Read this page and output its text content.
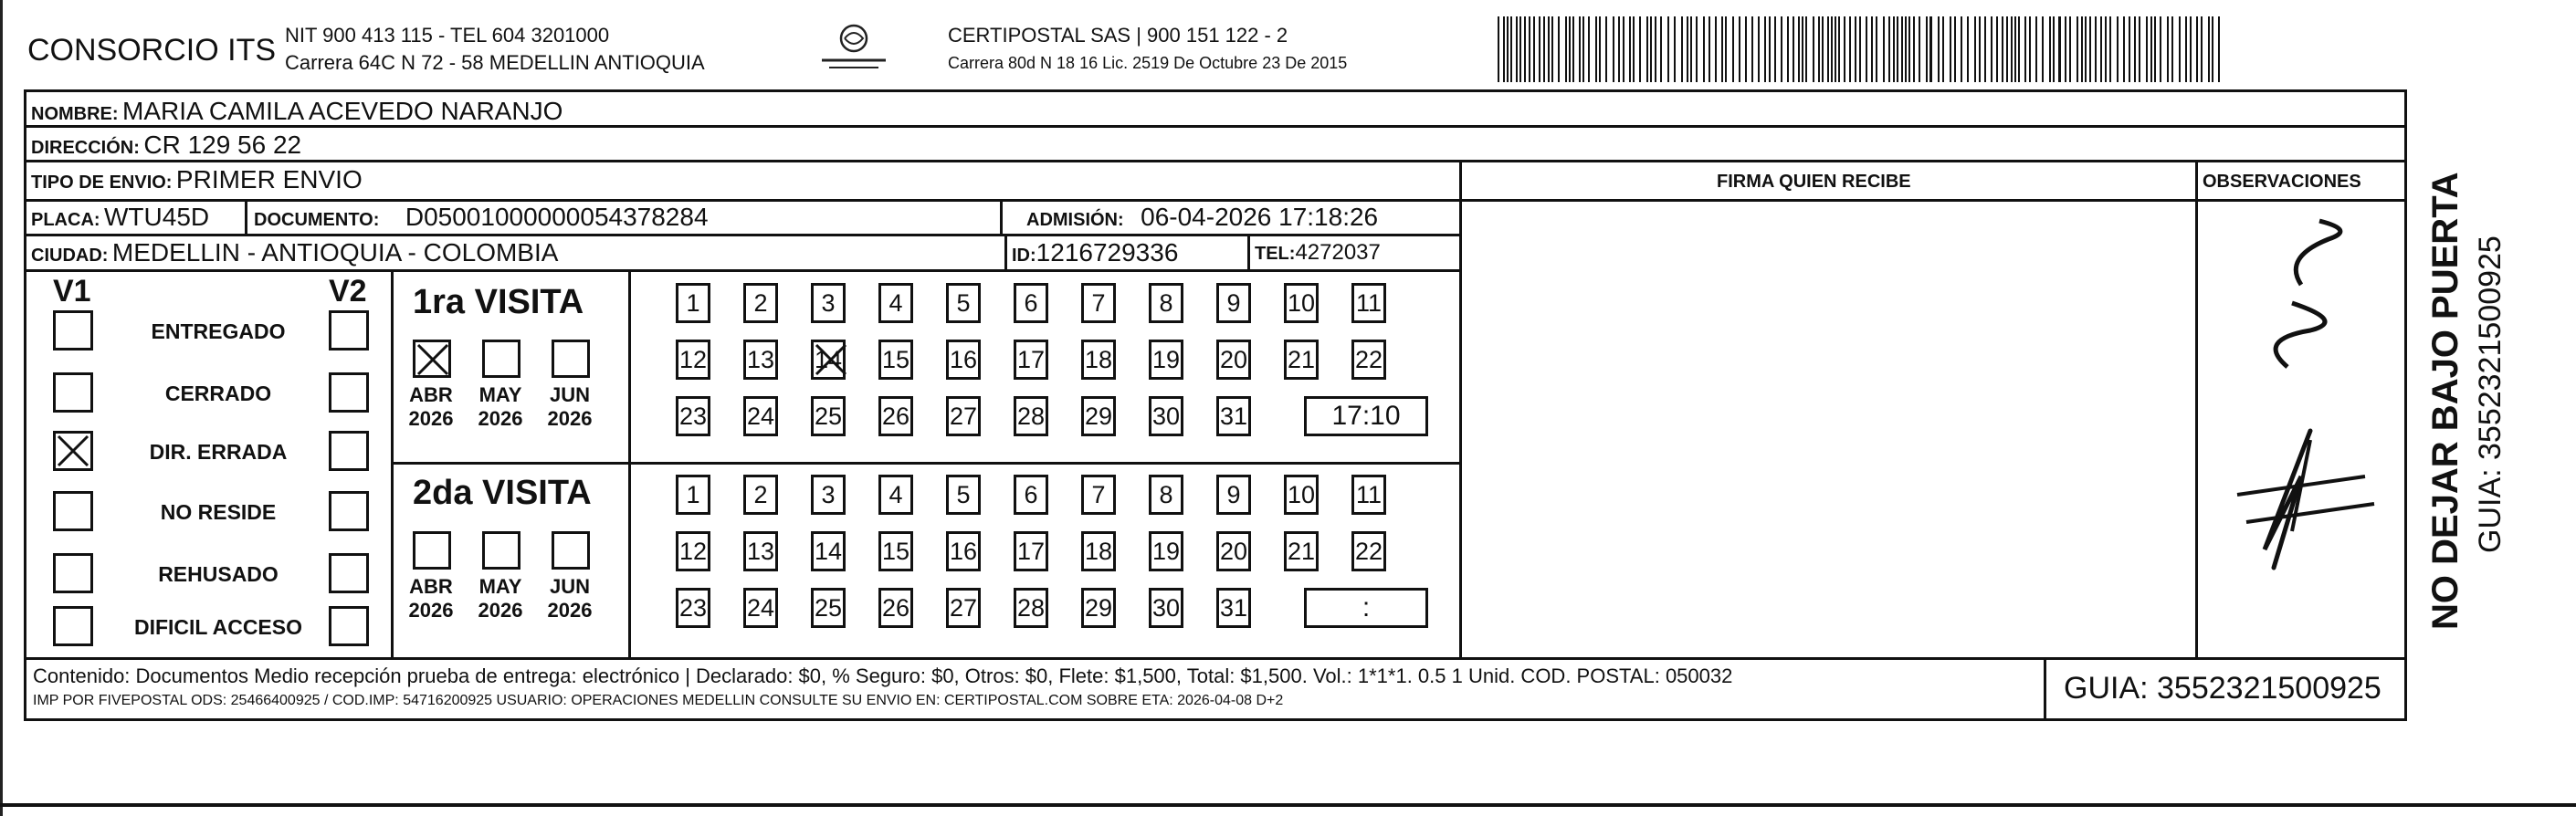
CONSORCIO ITS NIT 900 413 115 - TEL 604 3201000
Carrera 64C N 72 - 58 MEDELLIN ANTIOQUIA
CERTIPOSTAL SAS | 900 151 122 - 2
Carrera 80d N 18 16 Lic. 2519 De Octubre 23 De 2015
NOMBRE: MARIA CAMILA ACEVEDO NARANJO
DIRECCIÓN: CR 129 56 22
TIPO DE ENVIO: PRIMER ENVIO	FIRMA QUIEN RECIBE	OBSERVACIONES
PLACA: WTU45D DOCUMENTO: D05001000000054378284	ADMISIÓN: 06-04-2026 17:18:26
CIUDAD: MEDELLIN - ANTIOQUIA - COLOMBIA	ID:1216729336	TEL:4272037
V1	V2
ENTREGADO
CERRADO
DIR. ERRADA
NO RESIDE
REHUSADO
DIFICIL ACCESO
1ra VISITA
2da VISITA
ABR
2026
MAY
2026
JUN
2026
1	2	3	4	5	6	7	8	9	10 11
12 13 14 15 16 17 18 19 20 21 22
23 24 25 26 27 28 29 30 31	17:10
ABR
2026
MAY
2026
JUN
2026
1	2	3	4	5	6	7	8	9	10 11
12 13 14 15 16 17 18 19 20 21 22
23 24 25 26 27 28 29 30 31	:
Contenido: Documentos Medio recepción prueba de entrega: electrónico | Declarado: $0, % Seguro: $0, Otros: $0, Flete: $1,500, Total: $1,500. Vol.: 1*1*1. 0.5 1 Unid. COD. POSTAL: 050032
IMP POR FIVEPOSTAL ODS: 25466400925 / COD.IMP: 54716200925 USUARIO: OPERACIONES MEDELLIN CONSULTE SU ENVIO EN: CERTIPOSTAL.COM SOBRE ETA: 2026-04-08 D+2	GUIA: 3552321500925
NO DEJAR BAJO PUERTA GUIA: 3552321500925
